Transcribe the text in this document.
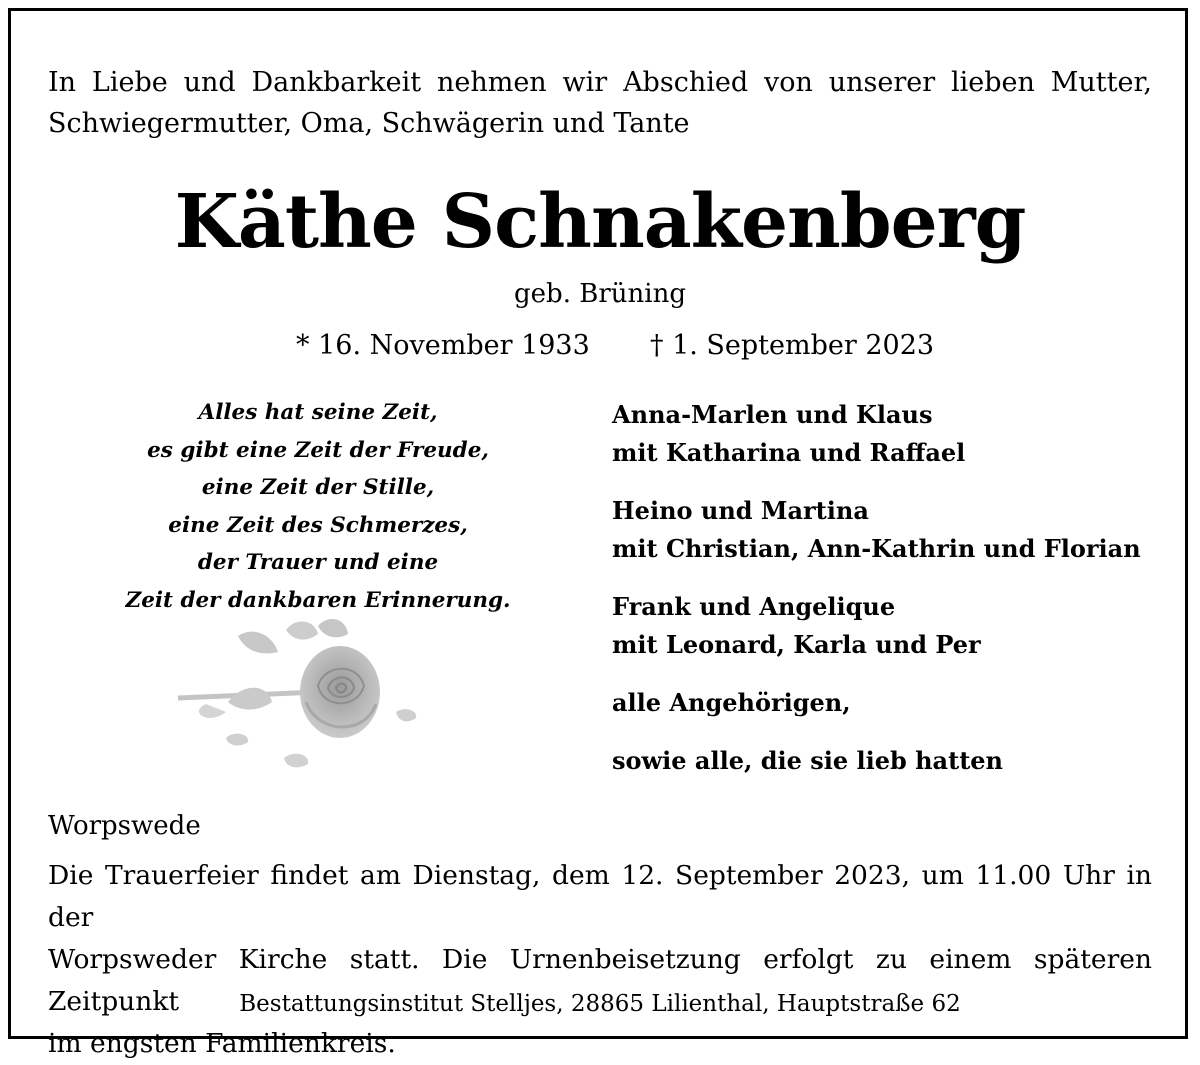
In Liebe und Dankbarkeit nehmen wir Abschied von unserer lieben Mutter,
Schwiegermutter, Oma, Schwägerin und Tante
Käthe Schnakenberg
geb. Brüning
* 16. November 1933 † 1. September 2023
Alles hat seine Zeit,
es gibt eine Zeit der Freude,
eine Zeit der Stille,
eine Zeit des Schmerzes,
der Trauer und eine
Zeit der dankbaren Erinnerung.
Anna-Marlen und Klaus
mit Katharina und Raffael
Heino und Martina
mit Christian, Ann-Kathrin und Florian
Frank und Angelique
mit Leonard, Karla und Per
alle Angehörigen,
sowie alle, die sie lieb hatten
Worpswede
Die Trauerfeier findet am Dienstag, dem 12. September 2023, um 11.00 Uhr in der
Worpsweder Kirche statt. Die Urnenbeisetzung erfolgt zu einem späteren Zeitpunkt
im engsten Familienkreis.
Bestattungsinstitut Stelljes, 28865 Lilienthal, Hauptstraße 62
